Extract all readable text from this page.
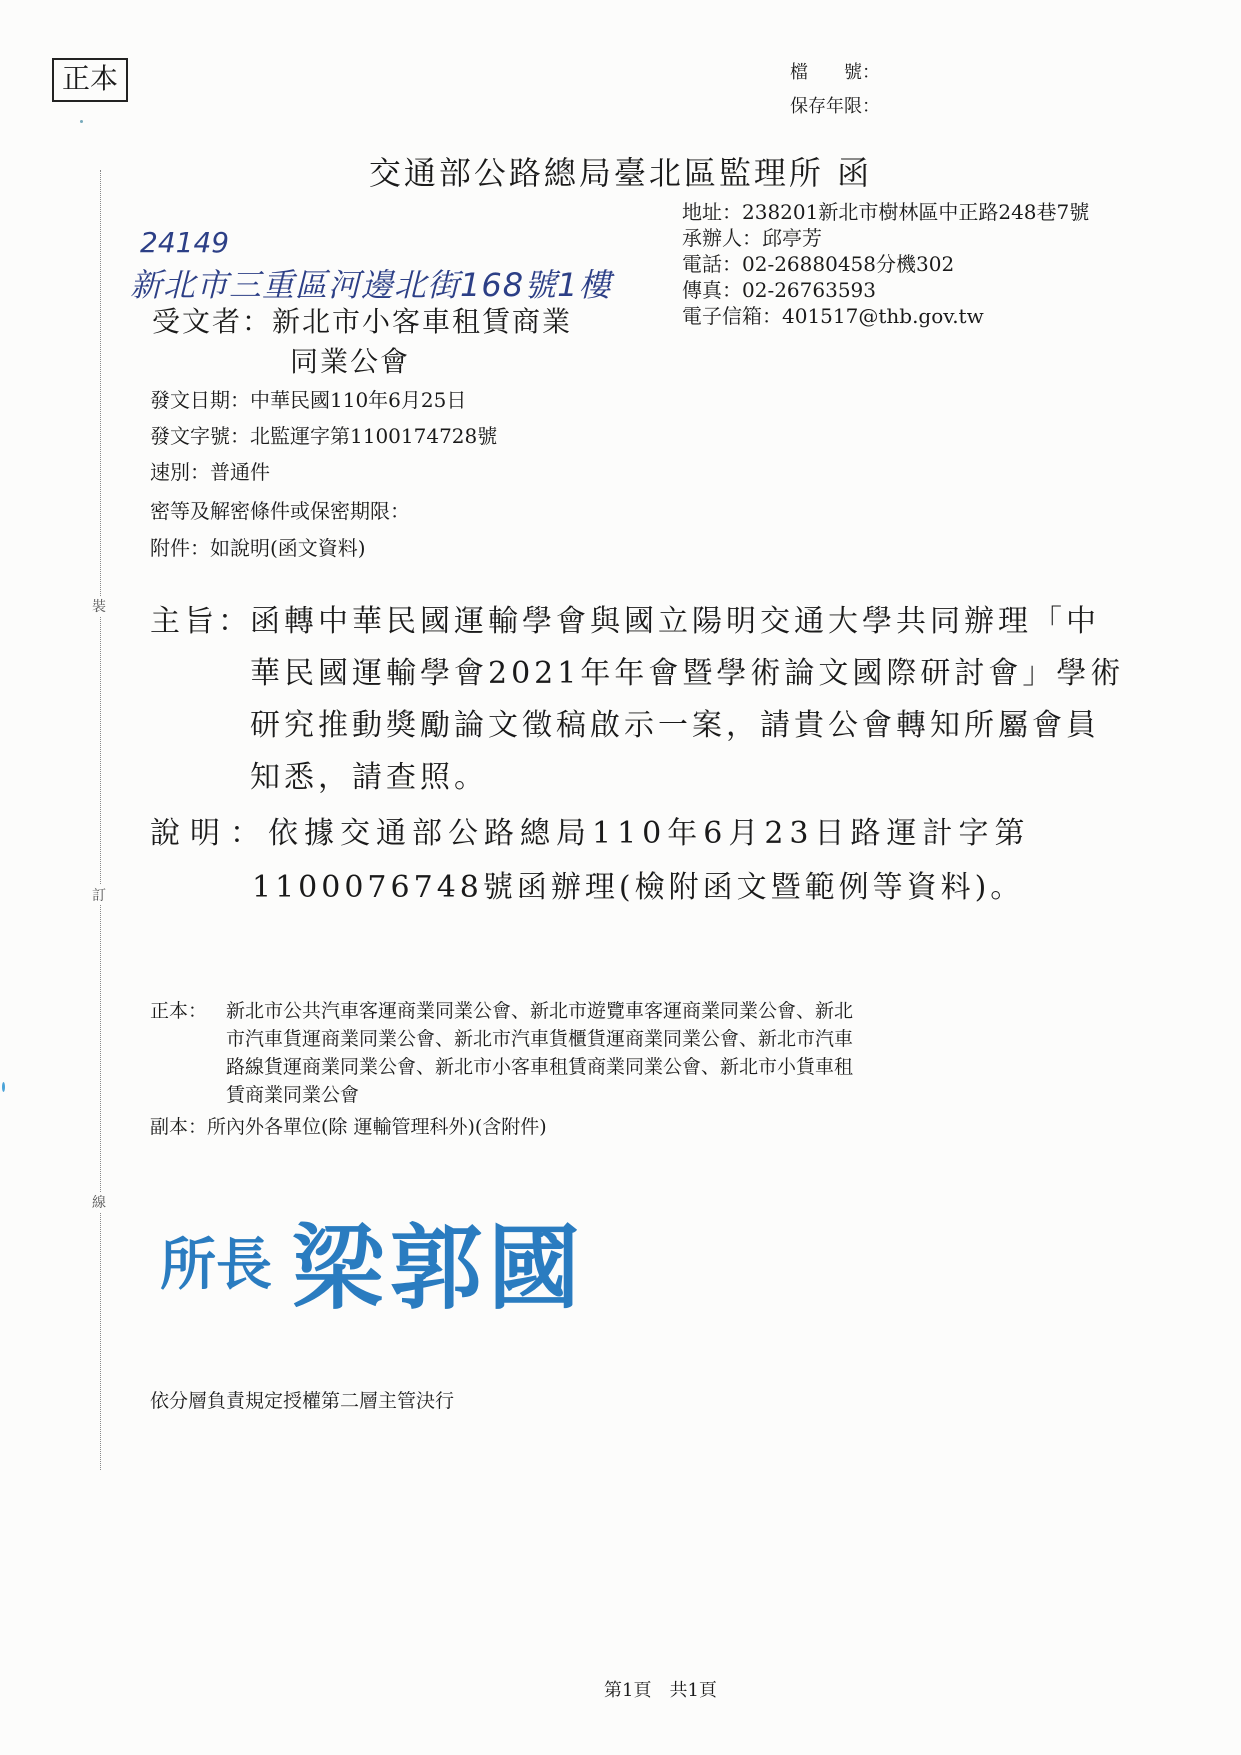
正本	檔　　號：
保存年限：
裝
訂
線
交通部公路總局臺北區監理所 函
地址：238201新北市樹林區中正路248巷7號
承辦人：邱亭芳
電話：02-26880458分機302
傳真：02-26763593
電子信箱：401517@thb.gov.tw
24149
新北市三重區河邊北街168號1樓
受文者：新北市小客車租賃商業
同業公會
發文日期：中華民國110年6月25日
發文字號：北監運字第1100174728號
速別：普通件
密等及解密條件或保密期限：
附件：如說明(函文資料)
主旨：
函轉中華民國運輸學會與國立陽明交通大學共同辦理「中
華民國運輸學會2021年年會暨學術論文國際研討會」學術
研究推動獎勵論文徵稿啟示一案，請貴公會轉知所屬會員
知悉，請查照。
說明：
依據交通部公路總局110年6月23日路運計字第
1100076748號函辦理(檢附函文暨範例等資料)。
正本： 新北市公共汽車客運商業同業公會、新北市遊覽車客運商業同業公會、新北
市汽車貨運商業同業公會、新北市汽車貨櫃貨運商業同業公會、新北市汽車
路線貨運商業同業公會、新北市小客車租賃商業同業公會、新北市小貨車租
賃商業同業公會
副本：所內外各單位(除 運輸管理科外)(含附件)
所長 梁郭國
依分層負責規定授權第二層主管決行
第1頁　共1頁
